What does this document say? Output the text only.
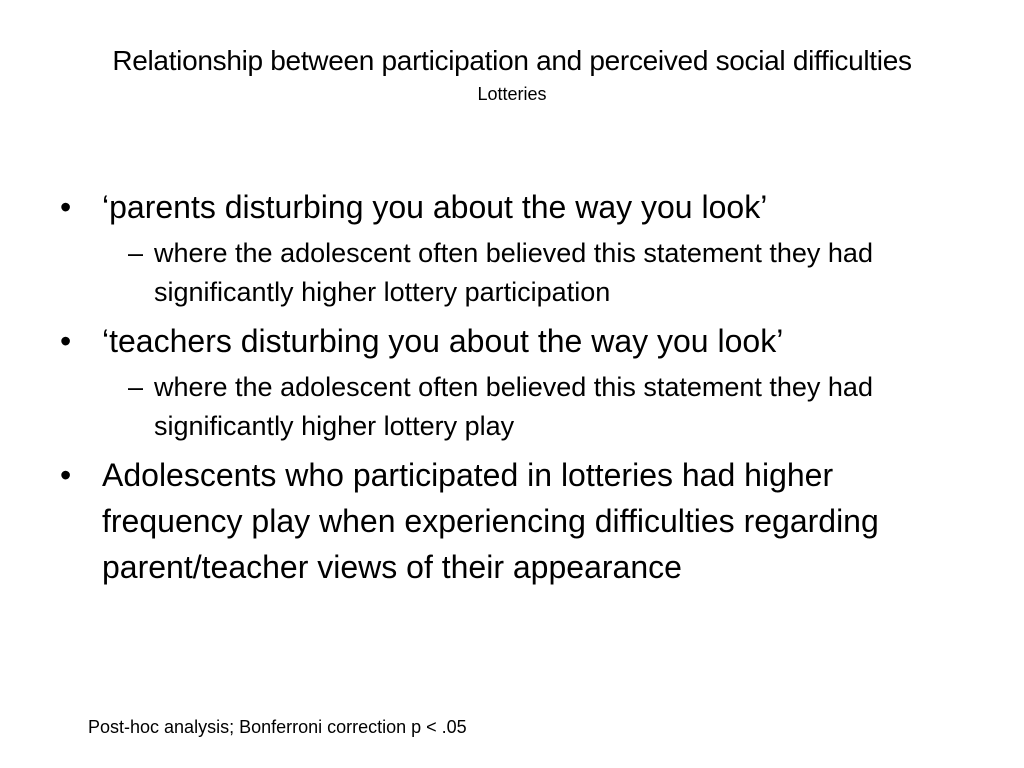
Relationship between participation and perceived social difficulties
Lotteries
• ‘parents disturbing you about the way you look’
– where the adolescent often believed this statement they had significantly higher lottery participation
• ‘teachers disturbing you about the way you look’
– where the adolescent often believed this statement they had significantly higher lottery play
• Adolescents who participated in lotteries had higher frequency play when experiencing difficulties regarding parent/teacher views of their appearance
Post-hoc analysis; Bonferroni correction p < .05
